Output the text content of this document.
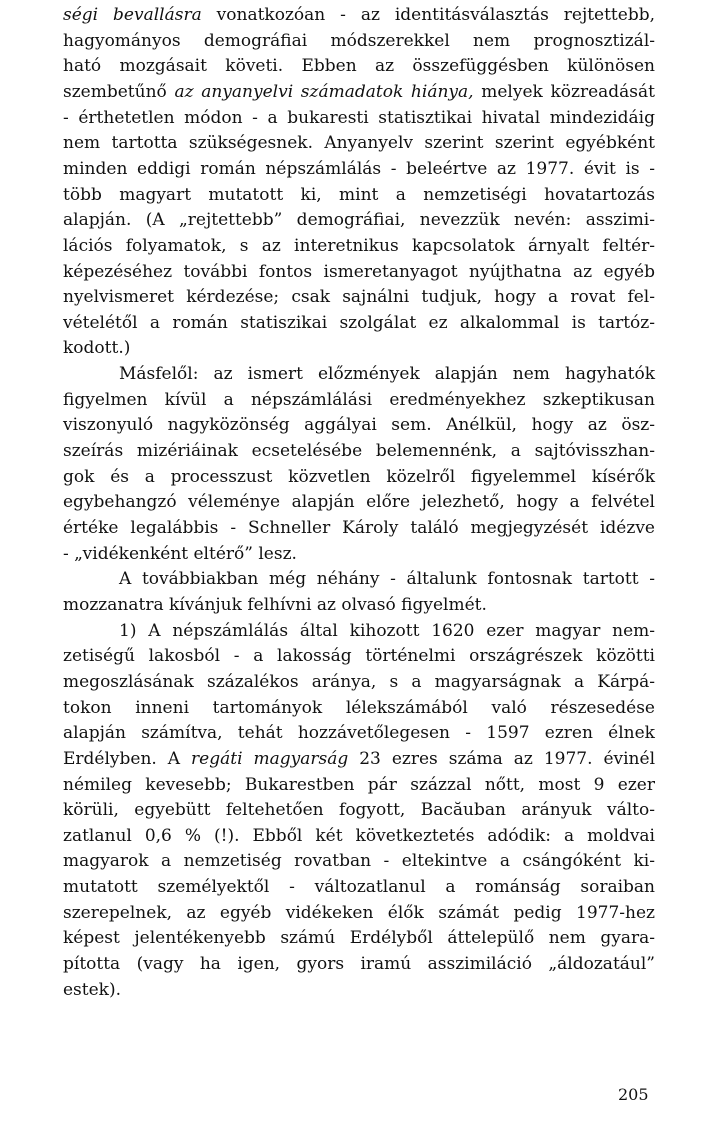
ségi bevallásra vonatkozóan - az identitásválasztás rejtettebb,
hagyományos demográfiai módszerekkel nem prognosztizál-
ható mozgásait követi. Ebben az összefüggésben különösen
szembetűnő az anyanyelvi számadatok hiánya, melyek közreadását
- érthetetlen módon - a bukaresti statisztikai hivatal mindezidáig
nem tartotta szükségesnek. Anyanyelv szerint szerint egyébként
minden eddigi román népszámlálás - beleértve az 1977. évit is -
több magyart mutatott ki, mint a nemzetiségi hovatartozás
alapján. (A „rejtettebb” demográfiai, nevezzük nevén: asszimi-
lációs folyamatok, s az interetnikus kapcsolatok árnyalt feltér-
képezéséhez további fontos ismeretanyagot nyújthatna az egyéb
nyelvismeret kérdezése; csak sajnálni tudjuk, hogy a rovat fel-
vételétől a román statiszikai szolgálat ez alkalommal is tartóz-
kodott.)
Másfelől: az ismert előzmények alapján nem hagyhatók
figyelmen kívül a népszámlálási eredményekhez szkeptikusan
viszonyuló nagyközönség aggályai sem. Anélkül, hogy az ösz-
szeírás mizériáinak ecsetelésébe belemennénk, a sajtóvisszhan-
gok és a processzust közvetlen közelről figyelemmel kísérők
egybehangzó véleménye alapján előre jelezhető, hogy a felvétel
értéke legalábbis - Schneller Károly találó megjegyzését idézve
- „vidékenként eltérő” lesz.
A továbbiakban még néhány - általunk fontosnak tartott -
mozzanatra kívánjuk felhívni az olvasó figyelmét.
1) A népszámlálás által kihozott 1620 ezer magyar nem-
zetiségű lakosból - a lakosság történelmi országrészek közötti
megoszlásának százalékos aránya, s a magyarságnak a Kárpá-
tokon inneni tartományok lélekszámából való részesedése
alapján számítva, tehát hozzávetőlegesen - 1597 ezren élnek
Erdélyben. A regáti magyarság 23 ezres száma az 1977. évinél
némileg kevesebb; Bukarestben pár százzal nőtt, most 9 ezer
körüli, egyebütt feltehetően fogyott, Bacăuban arányuk válto-
zatlanul 0,6 % (!). Ebből két következtetés adódik: a moldvai
magyarok a nemzetiség rovatban - eltekintve a csángóként ki-
mutatott személyektől - változatlanul a románság soraiban
szerepelnek, az egyéb vidékeken élők számát pedig 1977-hez
képest jelentékenyebb számú Erdélyből áttelepülő nem gyara-
pította (vagy ha igen, gyors iramú asszimiláció „áldozatául”
estek).
205
